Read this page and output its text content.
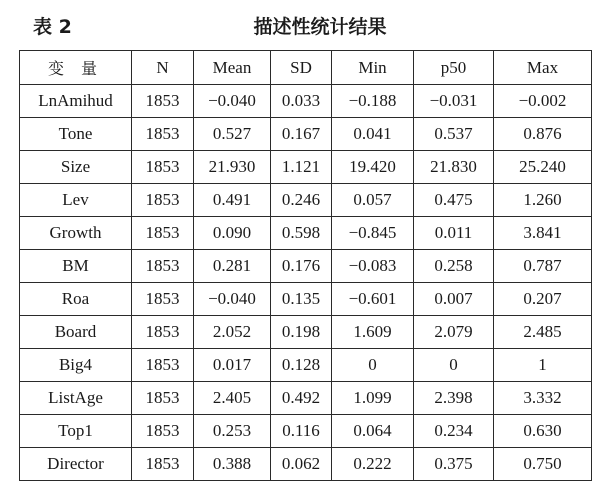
表 2	描述性统计结果
变 量	N	Mean	SD	Min	p50	Max
LnAmihud	1853	−0.040	0.033	−0.188	−0.031	−0.002
Tone	1853	0.527	0.167	0.041	0.537	0.876
Size	1853	21.930	1.121	19.420	21.830	25.240
Lev	1853	0.491	0.246	0.057	0.475	1.260
Growth	1853	0.090	0.598	−0.845	0.011	3.841
BM	1853	0.281	0.176	−0.083	0.258	0.787
Roa	1853	−0.040	0.135	−0.601	0.007	0.207
Board	1853	2.052	0.198	1.609	2.079	2.485
Big4	1853	0.017	0.128	0	0	1
ListAge	1853	2.405	0.492	1.099	2.398	3.332
Top1	1853	0.253	0.116	0.064	0.234	0.630
Director	1853	0.388	0.062	0.222	0.375	0.750
